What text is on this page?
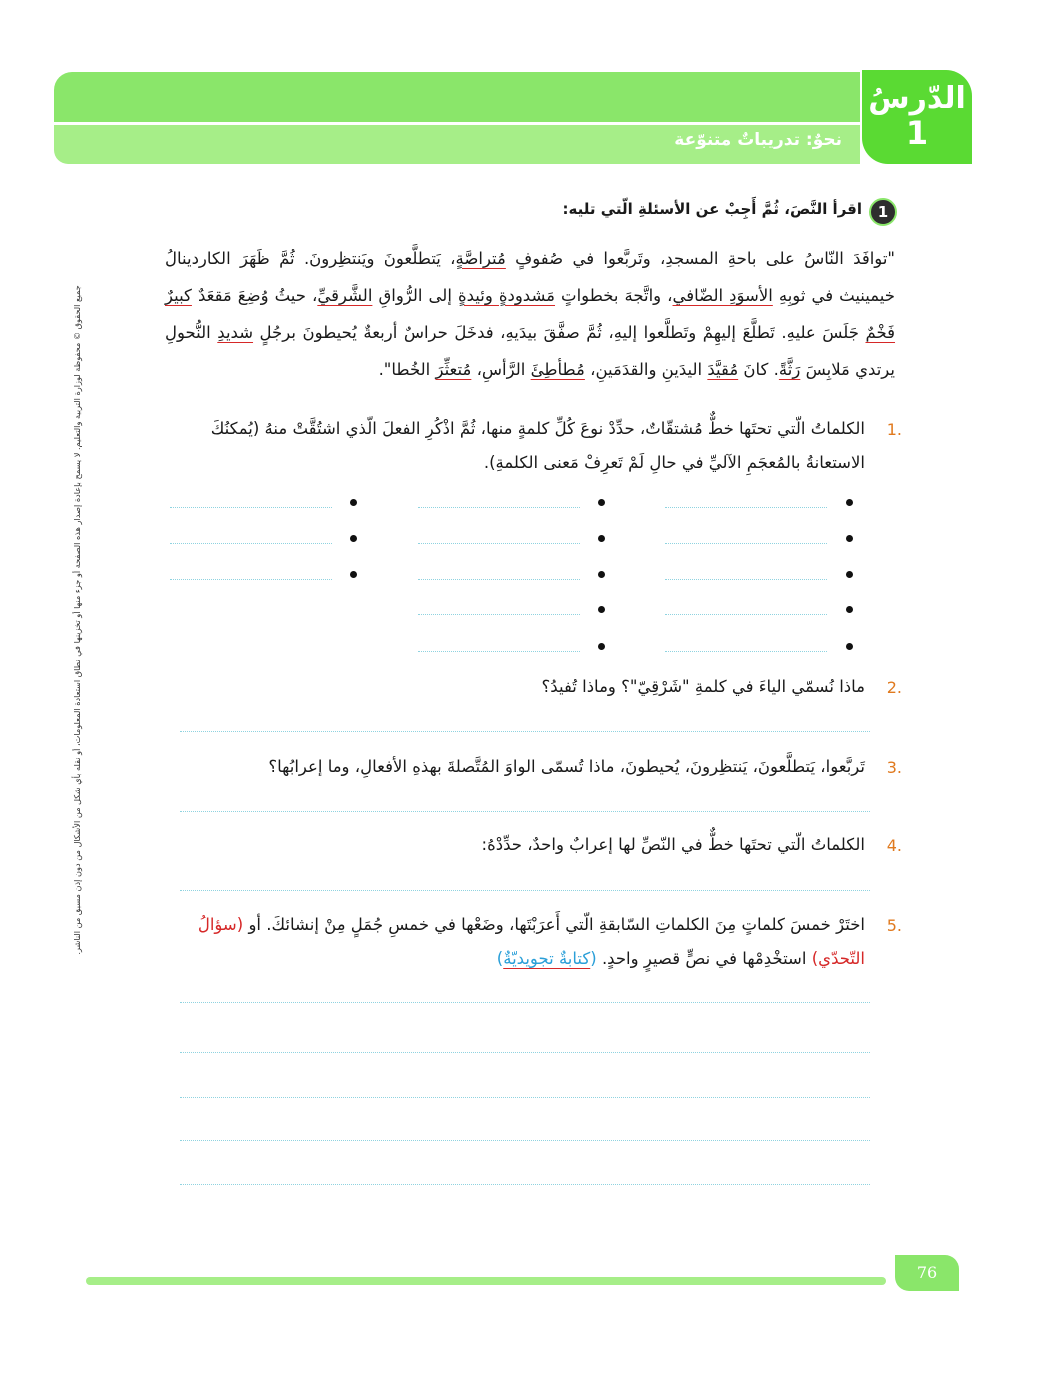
الدّرسُ
1
نحوٌ: تدريباتٌ متنوّعة
جميع الحقوق © محفوظة لوزارة التربية والتعليم. لا يسمح بإعادة إصدار هذه الصفحة أو جزء منها أو تخزينها في نطاق استعادة المعلومات، أو نقله بأي شكل من الأشكال من دون إذن مسبق من الناشر.
1
اقرأ النَّصَ، ثُمَّ أَجِبْ عن الأسئلةِ الّتي تليه:
"توافَدَ النّاسُ على باحةِ المسجدِ، وتَربَّعوا في صُفوفٍ مُتراصَّةٍ، يَتطلَّعونَ ويَنتظِرونَ. ثُمَّ ظَهَرَ الكاردينالُ خيمينيث في ثوبِهِ الأسوَدِ الضّافي، واتَّجهَ بخطواتٍ مَشدودةٍ وئيدةٍ إلى الرُّواقِ الشَّرقيِّ، حيثُ وُضِعَ مَقعَدٌ كبيرٌ فَخْمٌ جَلَسَ عليهِ. تَطلَّعَ إليهِمْ وتَطلَّعوا إليهِ، ثُمَّ صفَّقَ بيدَيهِ، فدخَلَ حراسٌ أربعةٌ يُحيطونَ برجُلٍ شديدِ النُّحولِ يرتدي مَلابِسَ رَثَّةً. كانَ مُقيَّدَ اليدَينِ والقدَمَينِ، مُطأطِئَ الرَّأسِ، مُتعثِّرَ الخُطا".
.1
الكلماتُ الّتي تحتَها خطٌّ مُشتقّاتٌ، حدِّدْ نوعَ كُلِّ كلمةٍ منها، ثُمَّ اذْكُرِ الفعلَ الّذي اشتُقَّتْ منهُ (يُمكنُكَ
الاستعانةُ بالمُعجَمِ الآليِّ في حالِ لَمْ تَعرِفْ مَعنى الكلمةِ).
.2
ماذا نُسمّي الياءَ في كلمةِ "شَرْقِيّ"؟ وماذا تُفيدُ؟
.3
تَربَّعوا، يَتطلَّعونَ، يَنتظِرونَ، يُحيطونَ، ماذا تُسمّى الواوَ المُتَّصلةَ بهذهِ الأفعالِ، وما إعرابُها؟
.4
الكلماتُ الّتي تحتَها خطٌّ في النّصِّ لها إعرابٌ واحدٌ، حدِّدْهُ:
.5
اختَرْ خمسَ كلماتٍ مِنَ الكلماتِ السّابقةِ الّتي أَعرَبْتَها، وضَعْها في خمسِ جُمَلٍ مِنْ إنشائكَ. أو (سؤالُ
التّحدّي) استخْدِمْها في نصٍّ قصيرٍ واحدٍ. (كتابةٌ تجويديّةٌ)
76
